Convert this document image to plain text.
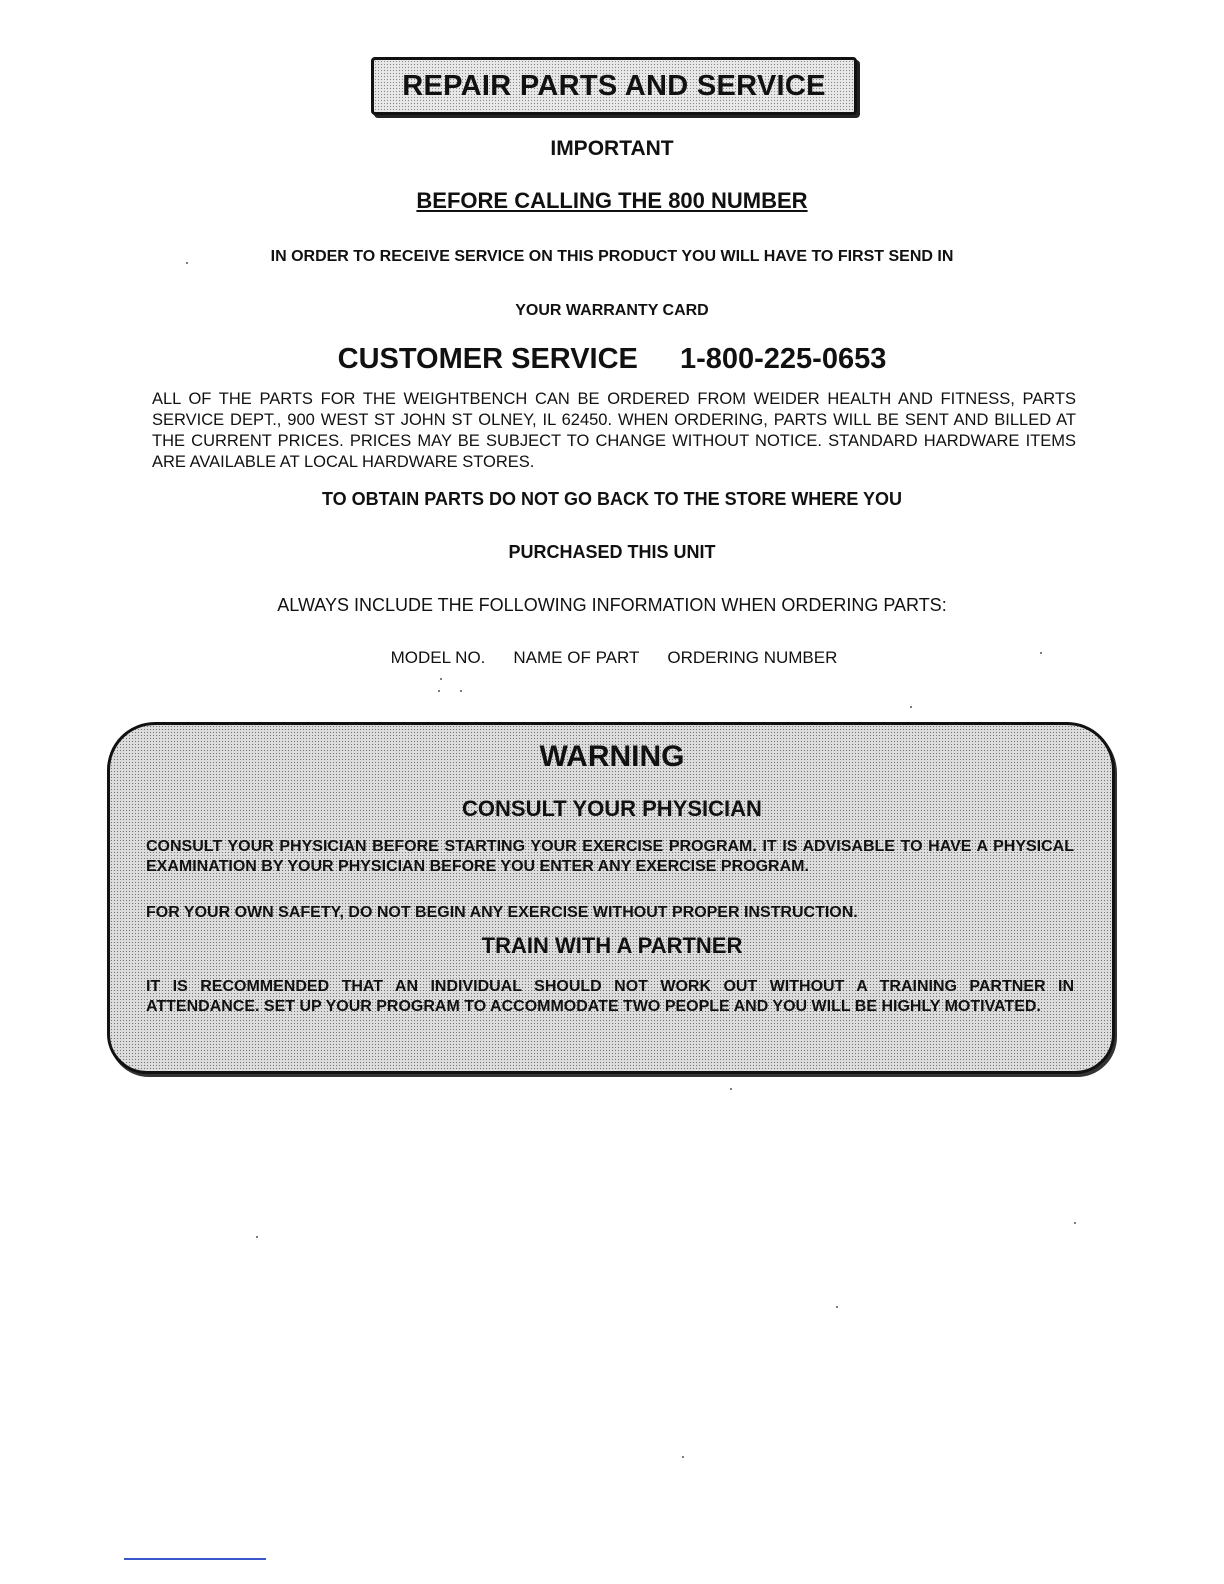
REPAIR PARTS AND SERVICE
IMPORTANT
BEFORE CALLING THE 800 NUMBER
IN ORDER TO RECEIVE SERVICE ON THIS PRODUCT YOU WILL HAVE TO FIRST SEND IN
YOUR WARRANTY CARD
CUSTOMER SERVICE 1-800-225-0653
ALL OF THE PARTS FOR THE WEIGHTBENCH CAN BE ORDERED FROM WEIDER HEALTH AND FITNESS, PARTS SERVICE DEPT., 900 WEST ST JOHN ST OLNEY, IL 62450. WHEN ORDERING, PARTS WILL BE SENT AND BILLED AT THE CURRENT PRICES. PRICES MAY BE SUBJECT TO CHANGE WITHOUT NOTICE. STANDARD HARDWARE ITEMS ARE AVAILABLE AT LOCAL HARDWARE STORES.
TO OBTAIN PARTS DO NOT GO BACK TO THE STORE WHERE YOU
PURCHASED THIS UNIT
ALWAYS INCLUDE THE FOLLOWING INFORMATION WHEN ORDERING PARTS:
MODEL NO. NAME OF PART ORDERING NUMBER
WARNING
CONSULT YOUR PHYSICIAN
CONSULT YOUR PHYSICIAN BEFORE STARTING YOUR EXERCISE PROGRAM. IT IS ADVISABLE TO HAVE A PHYSICAL EXAMINATION BY YOUR PHYSICIAN BEFORE YOU ENTER ANY EXERCISE PROGRAM.
FOR YOUR OWN SAFETY, DO NOT BEGIN ANY EXERCISE WITHOUT PROPER INSTRUCTION.
TRAIN WITH A PARTNER
IT IS RECOMMENDED THAT AN INDIVIDUAL SHOULD NOT WORK OUT WITHOUT A TRAINING PARTNER IN ATTENDANCE. SET UP YOUR PROGRAM TO ACCOMMODATE TWO PEOPLE AND YOU WILL BE HIGHLY MOTIVATED.
